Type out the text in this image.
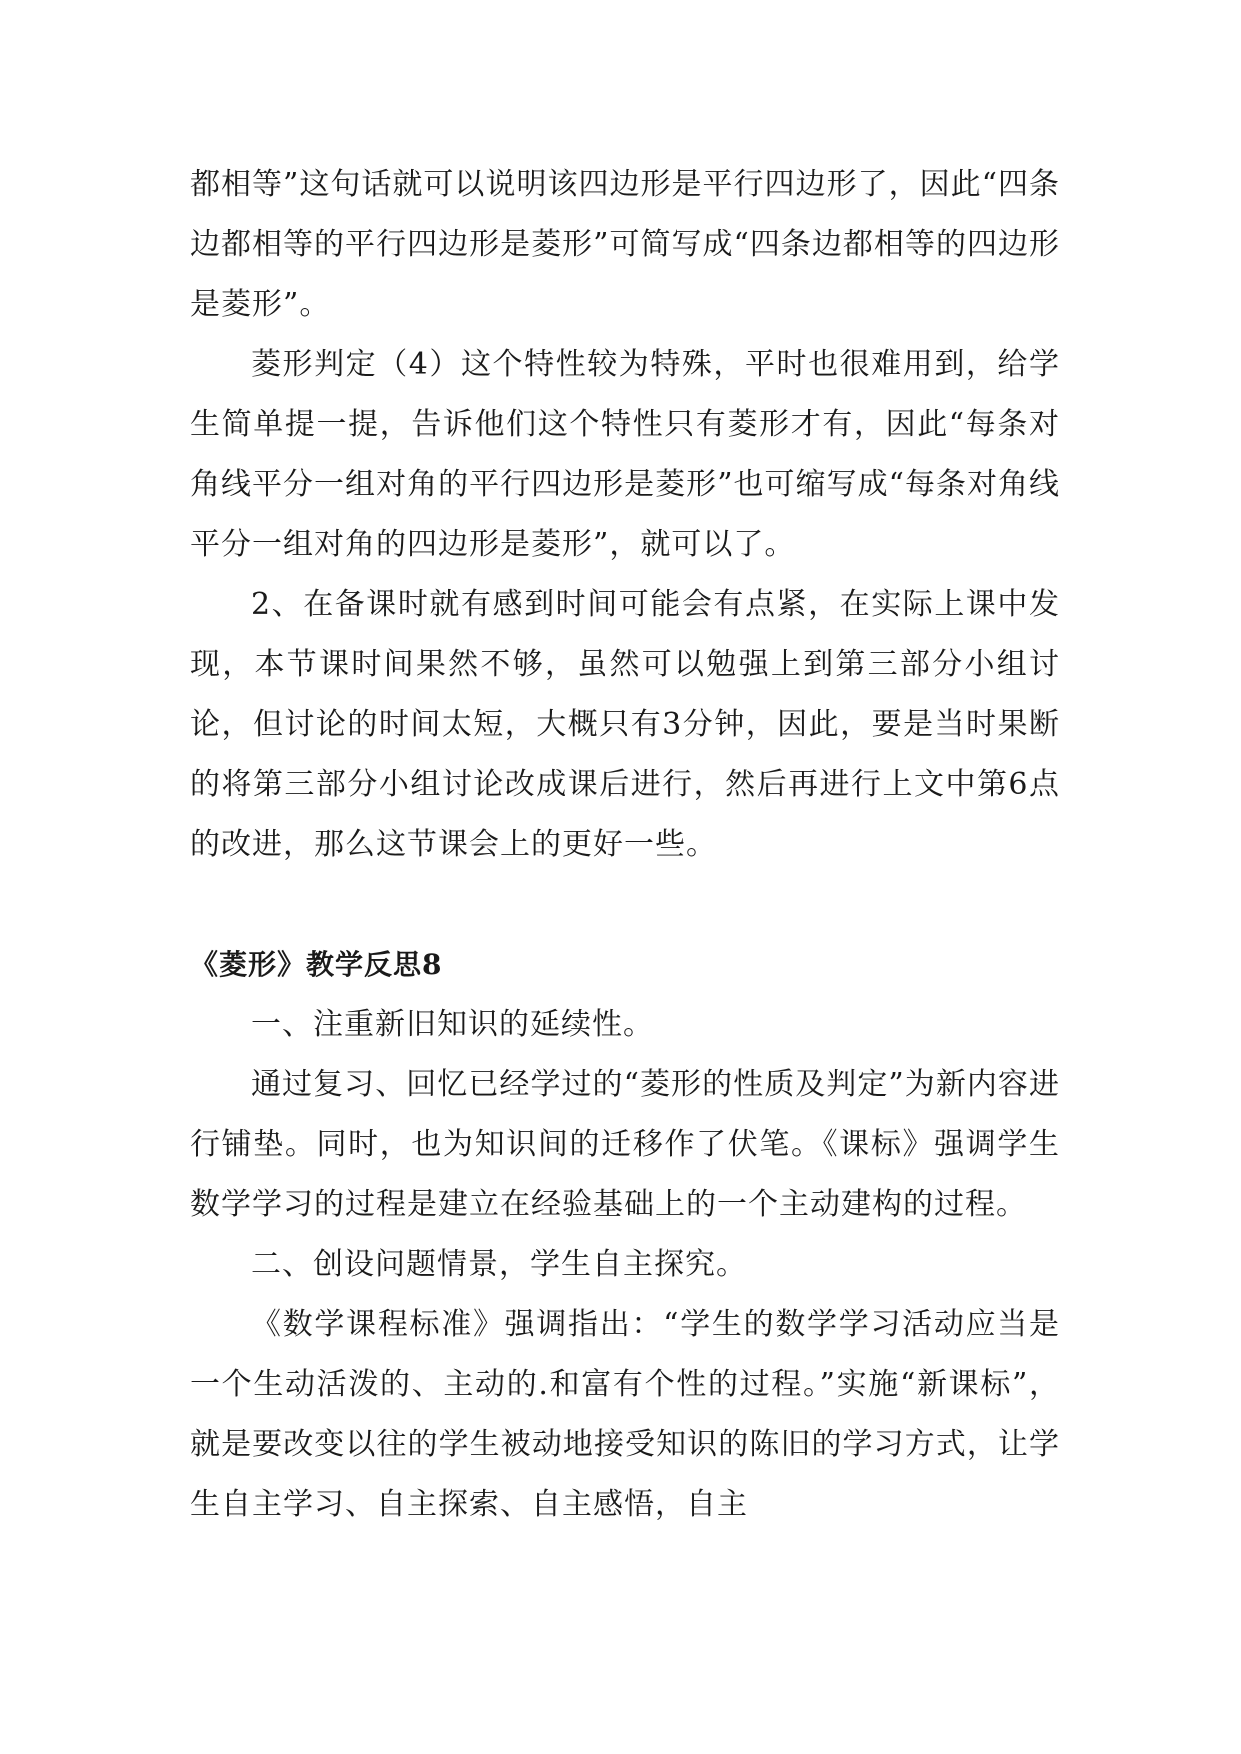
都相等”这句话就可以说明该四边形是平行四边形了，因此“四条边都相等的平行四边形是菱形”可简写成“四条边都相等的四边形是菱形”。

菱形判定（4）这个特性较为特殊，平时也很难用到，给学生简单提一提，告诉他们这个特性只有菱形才有，因此“每条对角线平分一组对角的平行四边形是菱形”也可缩写成“每条对角线平分一组对角的四边形是菱形”，就可以了。

2、在备课时就有感到时间可能会有点紧，在实际上课中发现，本节课时间果然不够，虽然可以勉强上到第三部分小组讨论，但讨论的时间太短，大概只有3分钟，因此，要是当时果断的将第三部分小组讨论改成课后进行，然后再进行上文中第6点的改进，那么这节课会上的更好一些。

《菱形》教学反思8

一、注重新旧知识的延续性。

通过复习、回忆已经学过的“菱形的性质及判定”为新内容进行铺垫。同时，也为知识间的迁移作了伏笔。《课标》强调学生数学学习的过程是建立在经验基础上的一个主动建构的过程。

二、创设问题情景，学生自主探究。

《数学课程标准》强调指出：“学生的数学学习活动应当是一个生动活泼的、主动的.和富有个性的过程。”实施“新课标”，就是要改变以往的学生被动地接受知识的陈旧的学习方式，让学生自主学习、自主探索、自主感悟，自主
